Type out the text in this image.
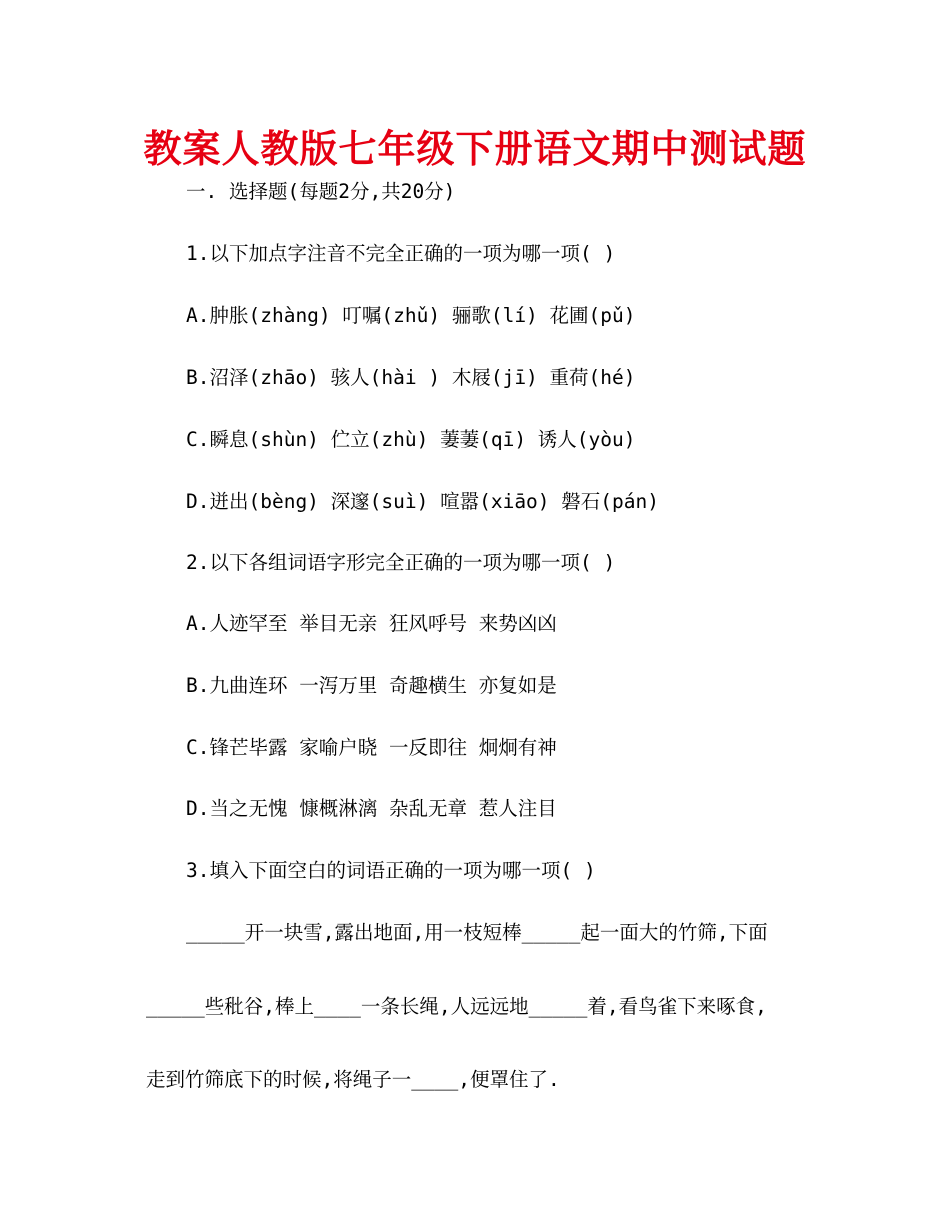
教案人教版七年级下册语文期中测试题
一. 选择题(每题2分,共20分)
1.以下加点字注音不完全正确的一项为哪一项( )
A.肿胀(zhàng) 叮嘱(zhǔ) 骊歌(lí) 花圃(pǔ)
B.沼泽(zhāo) 骇人(hài ) 木屐(jī) 重荷(hé)
C.瞬息(shùn) 伫立(zhù) 萋萋(qī) 诱人(yòu)
D.迸出(bèng) 深邃(suì) 喧嚣(xiāo) 磐石(pán)
2.以下各组词语字形完全正确的一项为哪一项( )
A.人迹罕至 举目无亲 狂风呼号 来势凶凶
B.九曲连环 一泻万里 奇趣横生 亦复如是
C.锋芒毕露 家喻户晓 一反即往 炯炯有神
D.当之无愧 慷概淋漓 杂乱无章 惹人注目
3.填入下面空白的词语正确的一项为哪一项( )
_____开一块雪,露出地面,用一枝短棒_____起一面大的竹筛,下面
_____些秕谷,棒上____一条长绳,人远远地_____着,看鸟雀下来啄食,
走到竹筛底下的时候,将绳子一____,便罩住了.
